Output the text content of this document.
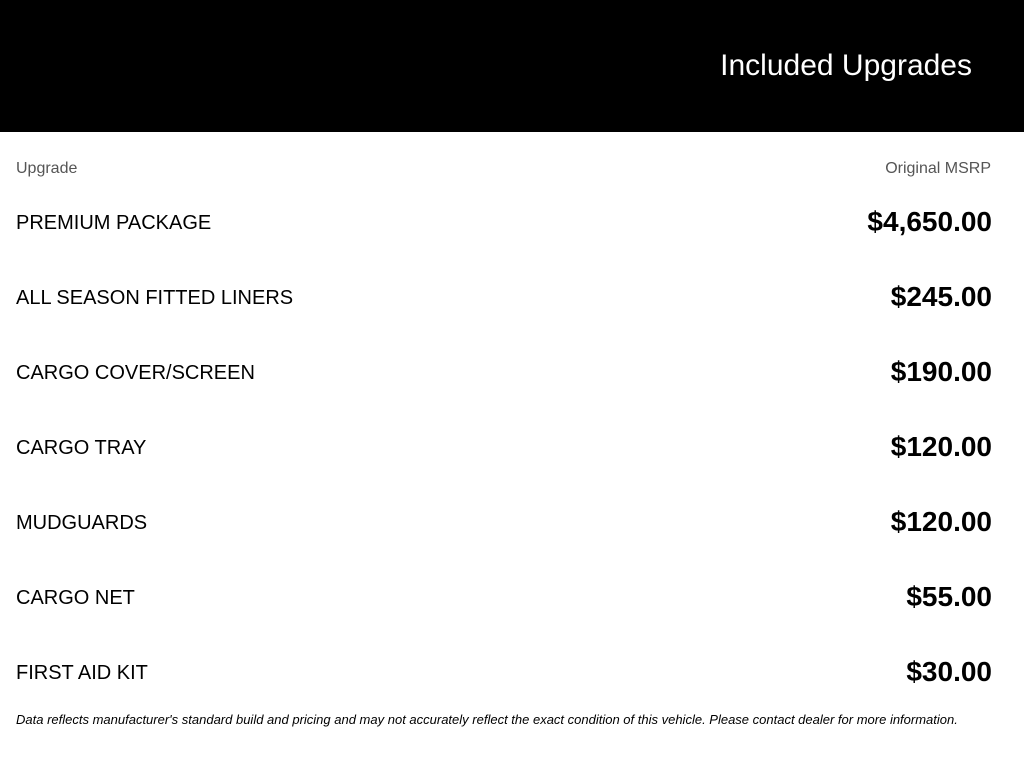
Included Upgrades
Upgrade	Original MSRP
PREMIUM PACKAGE	$4,650.00
ALL SEASON FITTED LINERS	$245.00
CARGO COVER/SCREEN	$190.00
CARGO TRAY	$120.00
MUDGUARDS	$120.00
CARGO NET	$55.00
FIRST AID KIT	$30.00
Data reflects manufacturer's standard build and pricing and may not accurately reflect the exact condition of this vehicle. Please contact dealer for more information.
